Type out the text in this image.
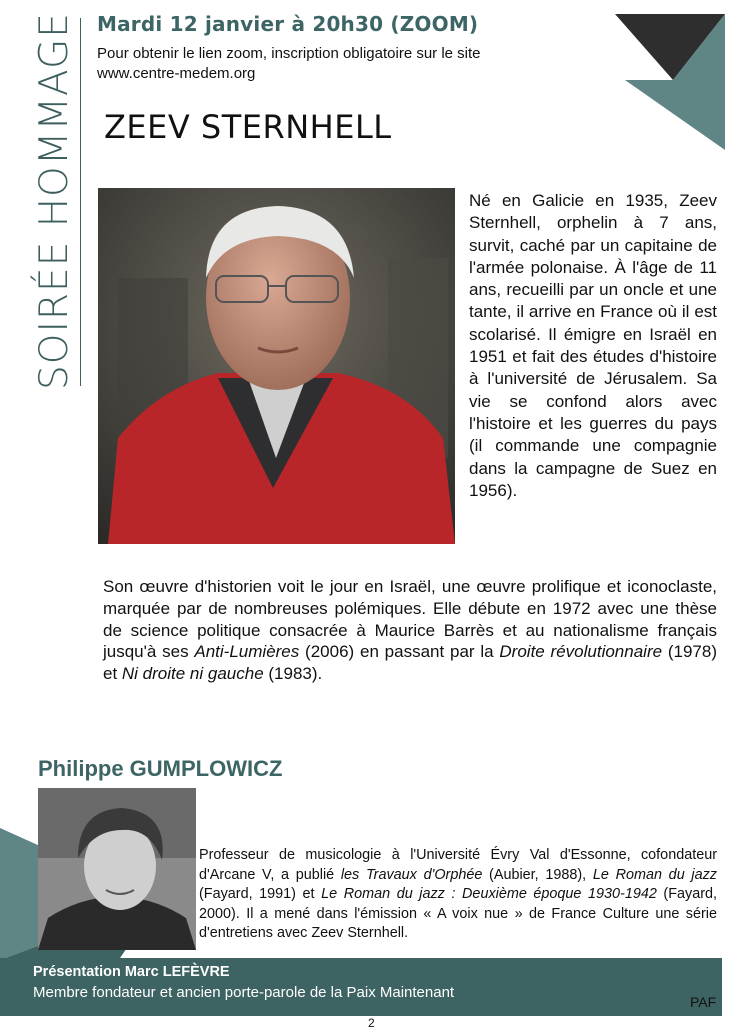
SOIRÉE HOMMAGE Mardi 12 janvier à 20h30 (ZOOM)
Pour obtenir le lien zoom, inscription obligatoire sur le site
www.centre-medem.org
ZEEV STERNHELL
Né en Galicie en 1935, Zeev Sternhell, orphelin à 7 ans, survit, caché par un capitaine de l'armée polonaise. À l'âge de 11 ans, recueilli par un oncle et une tante, il arrive en France où il est scolarisé. Il émigre en Israël en 1951 et fait des études d'histoire à l'université de Jérusalem. Sa vie se confond alors avec l'histoire et les guerres du pays (il commande une compagnie dans la campagne de Suez en 1956).
Son œuvre d'historien voit le jour en Israël, une œuvre prolifique et iconoclaste, marquée par de nombreuses polémiques. Elle débute en 1972 avec une thèse de science politique consacrée à Maurice Barrès et au nationalisme français jusqu'à ses Anti-Lumières (2006) en passant par la Droite révolutionnaire (1978) et Ni droite ni gauche (1983).
Philippe GUMPLOWICZ
Professeur de musicologie à l'Université Évry Val d'Essonne, cofondateur d'Arcane V, a publié les Travaux d'Orphée (Aubier, 1988), Le Roman du jazz (Fayard, 1991) et Le Roman du jazz : Deuxième époque 1930-1942 (Fayard, 2000). Il a mené dans l'émission « A voix nue » de France Culture une série d'entretiens avec Zeev Sternhell.
Présentation Marc LEFÈVRE
Membre fondateur et ancien porte-parole de la Paix Maintenant
PAF
2
